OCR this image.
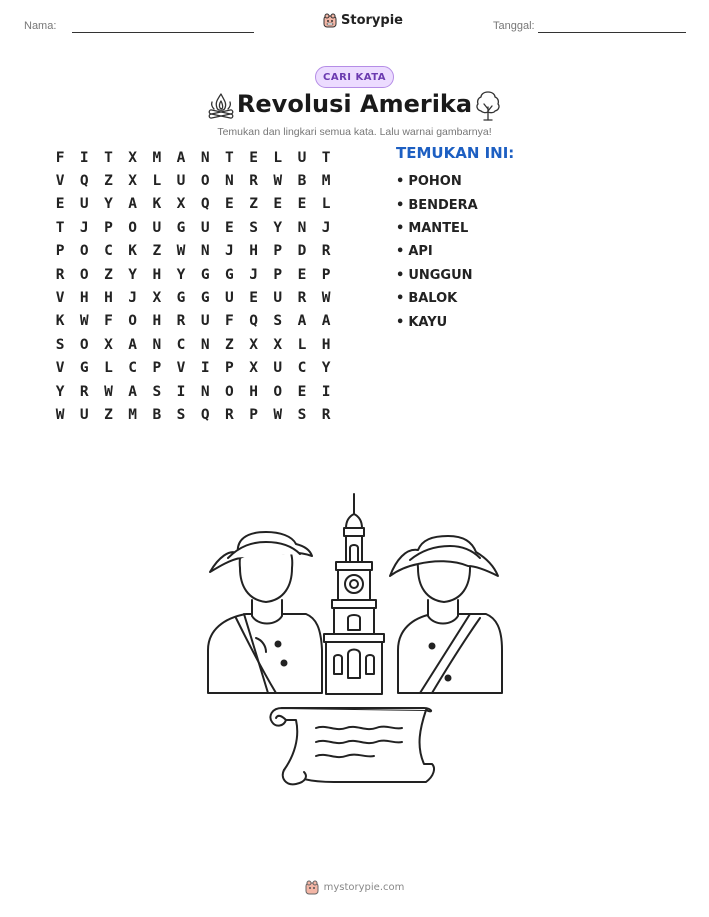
Nama:	Storypie	Tanggal:
CARI KATA
Revolusi Amerika
Temukan dan lingkari semua kata. Lalu warnai gambarnya!
F	I	T	X	M	A	N	T	E	L	U	T
V	Q	Z	X	L	U	O	N	R	W	B	M
E	U	Y	A	K	X	Q	E	Z	E	E	L
T	J	P	O	U	G	U	E	S	Y	N	J
P	O	C	K	Z	W	N	J	H	P	D	R
R	O	Z	Y	H	Y	G	G	J	P	E	P
V	H	H	J	X	G	G	U	E	U	R	W
K	W	F	O	H	R	U	F	Q	S	A	A
S	O	X	A	N	C	N	Z	X	X	L	H
V	G	L	C	P	V	I	P	X	U	C	Y
Y	R	W	A	S	I	N	O	H	O	E	I
W	U	Z	M	B	S	Q	R	P	W	S	R
TEMUKAN INI:
• POHON
• BENDERA
• MANTEL
• API
• UNGGUN
• BALOK
• KAYU
mystorypie.com
